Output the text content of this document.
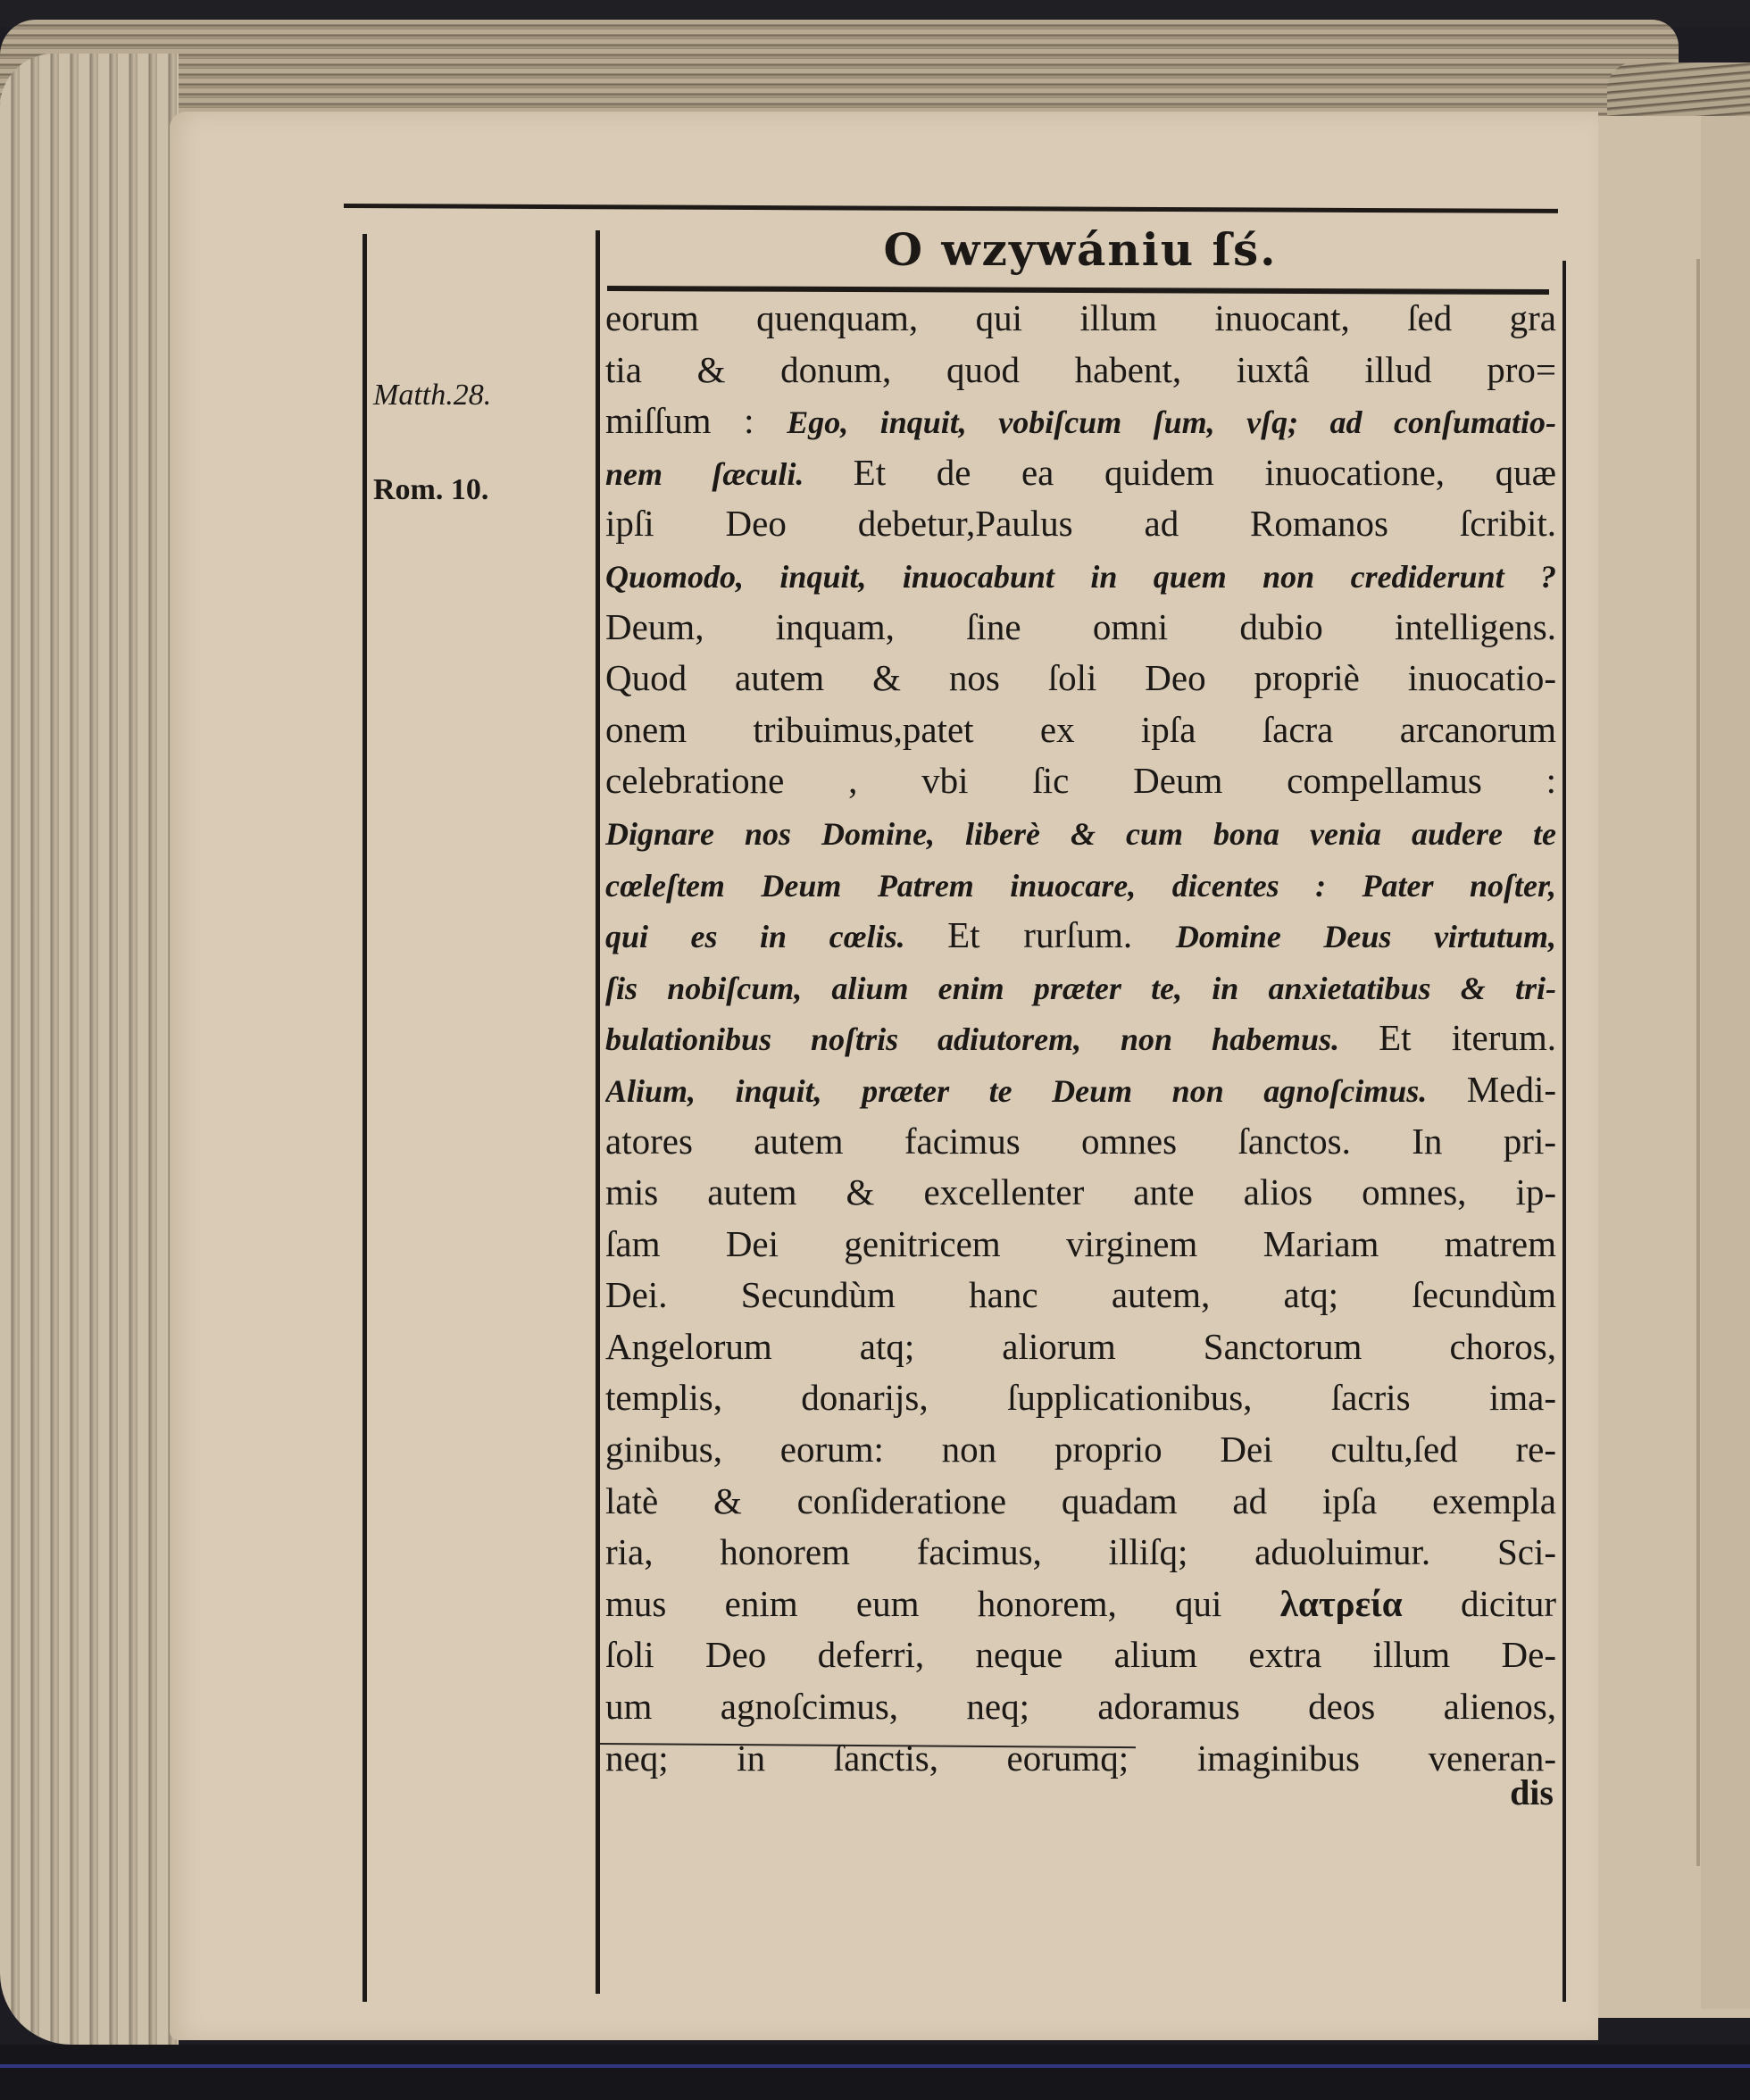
O wzywániu ſś.
Matth.28.
Rom. 10.
eorum quenquam, qui illum inuocant, ſed gra
tia & donum, quod habent, iuxtâ illud pro=
miſſum : Ego, inquit, vobiſcum ſum, vſq; ad conſumatio-
nem ſæculi. Et de ea quidem inuocatione, quæ
ipſi Deo debetur,Paulus ad Romanos ſcribit.
Quomodo, inquit, inuocabunt in quem non crediderunt ?
Deum, inquam, ſine omni dubio intelligens.
Quod autem & nos ſoli Deo propriè inuocatio-
onem tribuimus,patet ex ipſa ſacra arcanorum
celebratione , vbi ſic Deum compellamus :
Dignare nos Domine, liberè & cum bona venia audere te
cœleſtem Deum Patrem inuocare, dicentes : Pater noſter,
qui es in cœlis. Et rurſum. Domine Deus virtutum,
ſis nobiſcum, alium enim præter te, in anxietatibus & tri-
bulationibus noſtris adiutorem, non habemus. Et iterum.
Alium, inquit, præter te Deum non agnoſcimus. Medi-
atores autem facimus omnes ſanctos. In pri-
mis autem & excellenter ante alios omnes, ip-
ſam Dei genitricem virginem Mariam matrem
Dei. Secundùm hanc autem, atq; ſecundùm
Angelorum atq; aliorum Sanctorum choros,
templis, donarijs, ſupplicationibus, ſacris ima-
ginibus, eorum: non proprio Dei cultu,ſed re-
latè & conſideratione quadam ad ipſa exempla
ria, honorem facimus, illiſq; aduoluimur. Sci-
mus enim eum honorem, qui λατρεία dicitur
ſoli Deo deferri, neque alium extra illum De-
um agnoſcimus, neq; adoramus deos alienos,
neq; in ſanctis, eorumq; imaginibus veneran-
dis
